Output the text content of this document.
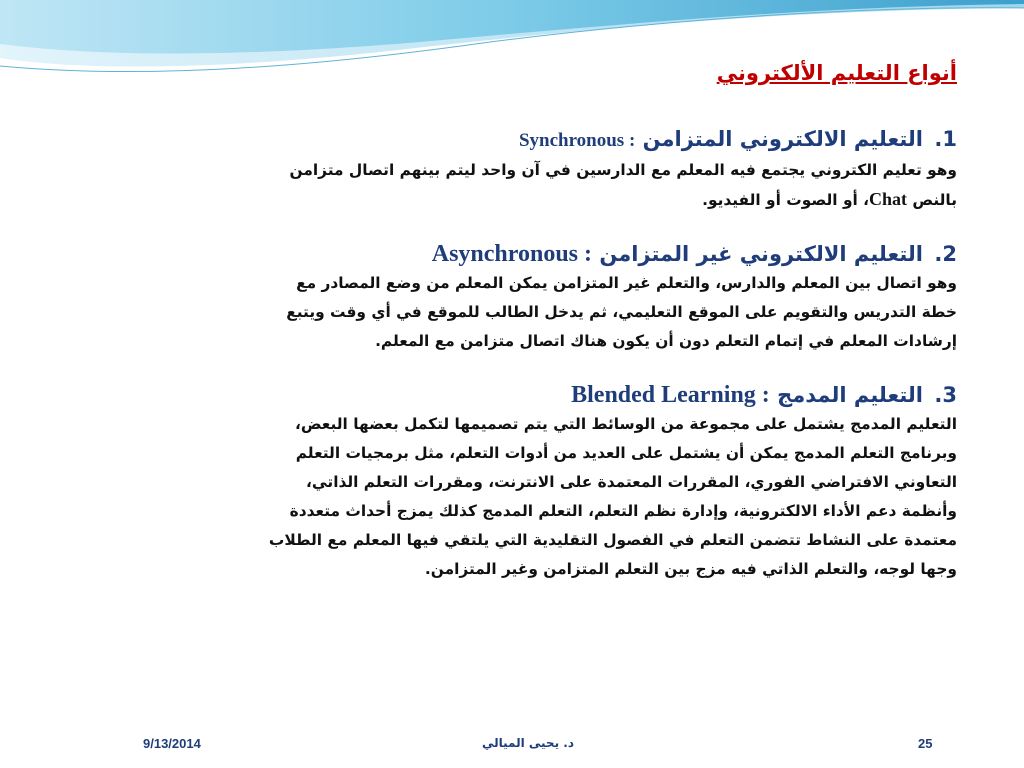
أنواع التعليم الألكتروني

1.التعليم الالكتروني المتزامن Synchronous :

وهو تعليم الكتروني يجتمع فيه المعلم مع الدارسين في آن واحد ليتم بينهم اتصال متزامن
بالنص Chat، أو الصوت أو الفيديو.

2.التعليم الالكتروني غير المتزامن Asynchronous :

وهو اتصال بين المعلم والدارس، والتعلم غير المتزامن يمكن المعلم من وضع المصادر مع
خطة التدريس والتقويم على الموقع التعليمي، ثم يدخل الطالب للموقع في أي وقت ويتبع
إرشادات المعلم في إتمام التعلم دون أن يكون هناك اتصال متزامن مع المعلم.

3.التعليم المدمج Blended Learning :

التعليم المدمج يشتمل على مجموعة من الوسائط التي يتم تصميمها لتكمل بعضها البعض،
وبرنامج التعلم المدمج يمكن أن يشتمل على العديد من أدوات التعلم، مثل برمجيات التعلم
التعاوني الافتراضي الفوري، المقررات المعتمدة على الانترنت، ومقررات التعلم الذاتي،
وأنظمة دعم الأداء الالكترونية، وإدارة نظم التعلم، التعلم المدمج كذلك يمزج أحداث متعددة
معتمدة على النشاط تتضمن التعلم في الفصول التقليدية التي يلتقي فيها المعلم مع الطلاب
وجها لوجه، والتعلم الذاتي فيه مزج بين التعلم المتزامن وغير المتزامن.

9/13/2014	د. يحيى الميالي	25
